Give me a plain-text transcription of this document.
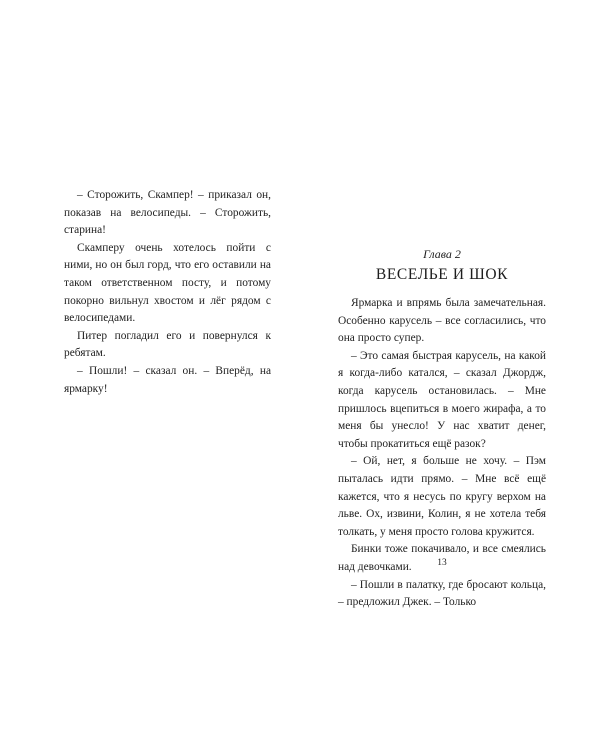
– Сторожить, Скампер! – приказал он, показав на велосипеды. – Сторожить, старина!

Скамперу очень хотелось пойти с ними, но он был горд, что его оставили на таком ответственном посту, и потому покорно вильнул хвостом и лёг рядом с велосипедами.

Питер погладил его и повернулся к ребятам.

– Пошли! – сказал он. – Вперёд, на ярмарку!

Глава 2
ВЕСЕЛЬЕ И ШОК

Ярмарка и впрямь была замечательная. Особенно карусель – все согласились, что она просто супер.

– Это самая быстрая карусель, на какой я когда-либо катался, – сказал Джордж, когда карусель остановилась. – Мне пришлось вцепиться в моего жирафа, а то меня бы унесло! У нас хватит денег, чтобы прокатиться ещё разок?

– Ой, нет, я больше не хочу. – Пэм пыталась идти прямо. – Мне всё ещё кажется, что я несусь по кругу верхом на льве. Ох, извини, Колин, я не хотела тебя толкать, у меня просто голова кружится.

Бинки тоже покачивало, и все смеялись над девочками.

– Пошли в палатку, где бросают кольца, – предложил Джек. – Только

13
